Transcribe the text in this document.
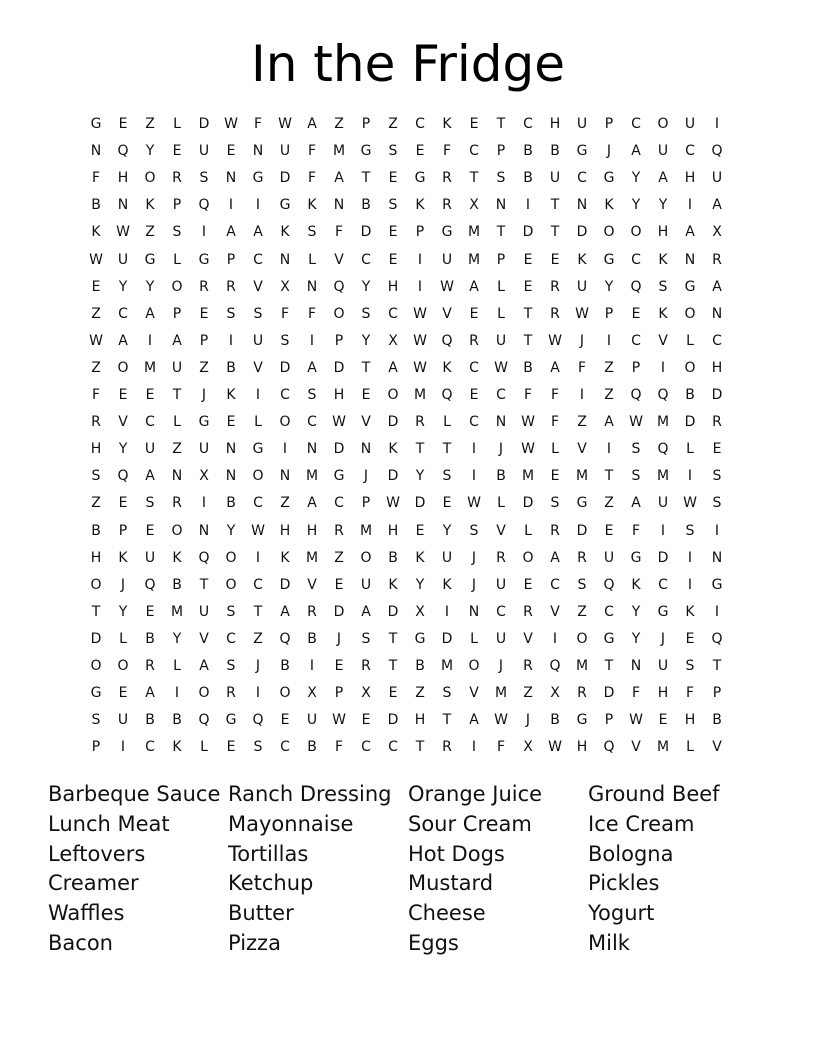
In the Fridge
G	E	Z	L	D	W	F	W	A	Z	P	Z	C	K	E	T	C	H	U	P	C	O	U	I
N	Q	Y	E	U	E	N	U	F	M	G	S	E	F	C	P	B	B	G	J	A	U	C	Q
F	H	O	R	S	N	G	D	F	A	T	E	G	R	T	S	B	U	C	G	Y	A	H	U
B	N	K	P	Q	I	I	G	K	N	B	S	K	R	X	N	I	T	N	K	Y	Y	I	A
K	W	Z	S	I	A	A	K	S	F	D	E	P	G	M	T	D	T	D	O	O	H	A	X
W	U	G	L	G	P	C	N	L	V	C	E	I	U	M	P	E	E	K	G	C	K	N	R
E	Y	Y	O	R	R	V	X	N	Q	Y	H	I	W	A	L	E	R	U	Y	Q	S	G	A
Z	C	A	P	E	S	S	F	F	O	S	C	W	V	E	L	T	R	W	P	E	K	O	N
W	A	I	A	P	I	U	S	I	P	Y	X	W	Q	R	U	T	W	J	I	C	V	L	C
Z	O	M	U	Z	B	V	D	A	D	T	A	W	K	C	W	B	A	F	Z	P	I	O	H
F	E	E	T	J	K	I	C	S	H	E	O	M	Q	E	C	F	F	I	Z	Q	Q	B	D
R	V	C	L	G	E	L	O	C	W	V	D	R	L	C	N	W	F	Z	A	W	M	D	R
H	Y	U	Z	U	N	G	I	N	D	N	K	T	T	I	J	W	L	V	I	S	Q	L	E
S	Q	A	N	X	N	O	N	M	G	J	D	Y	S	I	B	M	E	M	T	S	M	I	S
Z	E	S	R	I	B	C	Z	A	C	P	W	D	E	W	L	D	S	G	Z	A	U	W	S
B	P	E	O	N	Y	W	H	H	R	M	H	E	Y	S	V	L	R	D	E	F	I	S	I
H	K	U	K	Q	O	I	K	M	Z	O	B	K	U	J	R	O	A	R	U	G	D	I	N
O	J	Q	B	T	O	C	D	V	E	U	K	Y	K	J	U	E	C	S	Q	K	C	I	G
T	Y	E	M	U	S	T	A	R	D	A	D	X	I	N	C	R	V	Z	C	Y	G	K	I
D	L	B	Y	V	C	Z	Q	B	J	S	T	G	D	L	U	V	I	O	G	Y	J	E	Q
O	O	R	L	A	S	J	B	I	E	R	T	B	M	O	J	R	Q	M	T	N	U	S	T
G	E	A	I	O	R	I	O	X	P	X	E	Z	S	V	M	Z	X	R	D	F	H	F	P
S	U	B	B	Q	G	Q	E	U	W	E	D	H	T	A	W	J	B	G	P	W	E	H	B
P	I	C	K	L	E	S	C	B	F	C	C	T	R	I	F	X	W	H	Q	V	M	L	V
Barbeque Sauce
Lunch Meat
Leftovers
Creamer
Waffles
Bacon
Ranch Dressing
Mayonnaise
Tortillas
Ketchup
Butter
Pizza
Orange Juice
Sour Cream
Hot Dogs
Mustard
Cheese
Eggs
Ground Beef
Ice Cream
Bologna
Pickles
Yogurt
Milk
